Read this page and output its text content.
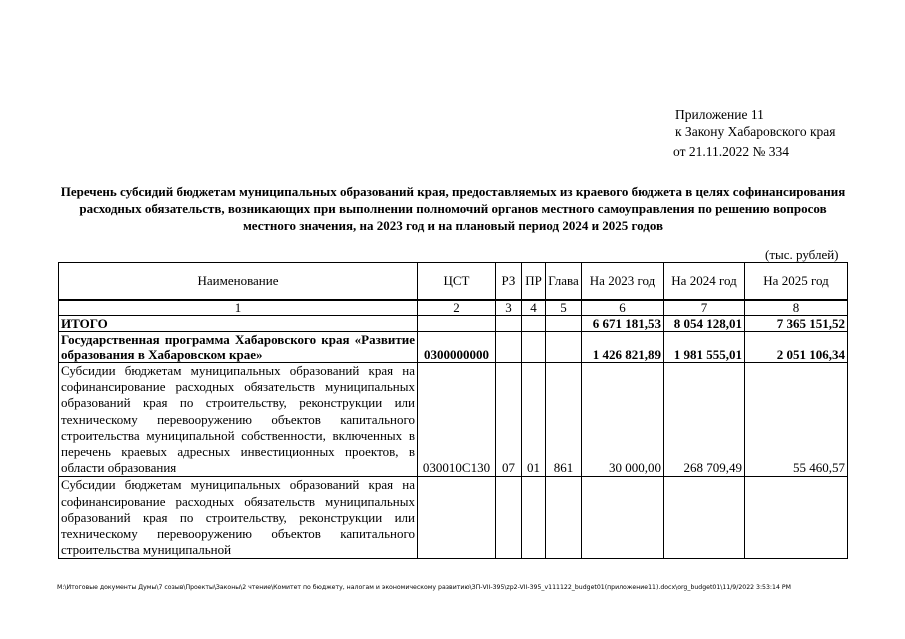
Приложение 11
к Закону Хабаровского края
от 21.11.2022 № 334
Перечень субсидий бюджетам муниципальных образований края, предоставляемых из краевого бюджета в целях софинансирования расходных обязательств, возникающих при выполнении полномочий органов местного самоуправления по решению вопросов местного значения, на 2023 год и на плановый период 2024 и 2025 годов
(тыс. рублей)
Наименование	ЦСТ	РЗ	ПР	Глава	На 2023 год	На 2024 год	На 2025 год
1	2	3	4	5	6	7	8
ИТОГО					6 671 181,53	8 054 128,01	7 365 151,52
Государственная программа Хабаровского края «Развитие образования в Хабаровском крае»	0300000000				1 426 821,89	1 981 555,01	2 051 106,34
Субсидии бюджетам муниципальных образований края на софинансирование расходных обязательств муниципальных образований края по строительству, реконструкции или техническому перевооружению объектов капитального строительства муниципальной собственности, включенных в перечень краевых адресных инвестиционных проектов, в области образования	030010С130	07	01	861	30 000,00	268 709,49	55 460,57
Субсидии бюджетам муниципальных образований края на софинансирование расходных обязательств муниципальных образований края по строительству, реконструкции или техническому перевооружению объектов капитального строительства муниципальной							
M:\Итоговые документы Думы\7 созыв\Проекты\Законы\2 чтение\Комитет по бюджету, налогам и экономическому развитию\ЗП-VII-395\zp2-VII-395_v111122_budget01(приложение11).docx\org_budget01\11/9/2022 3:53:14 PM
